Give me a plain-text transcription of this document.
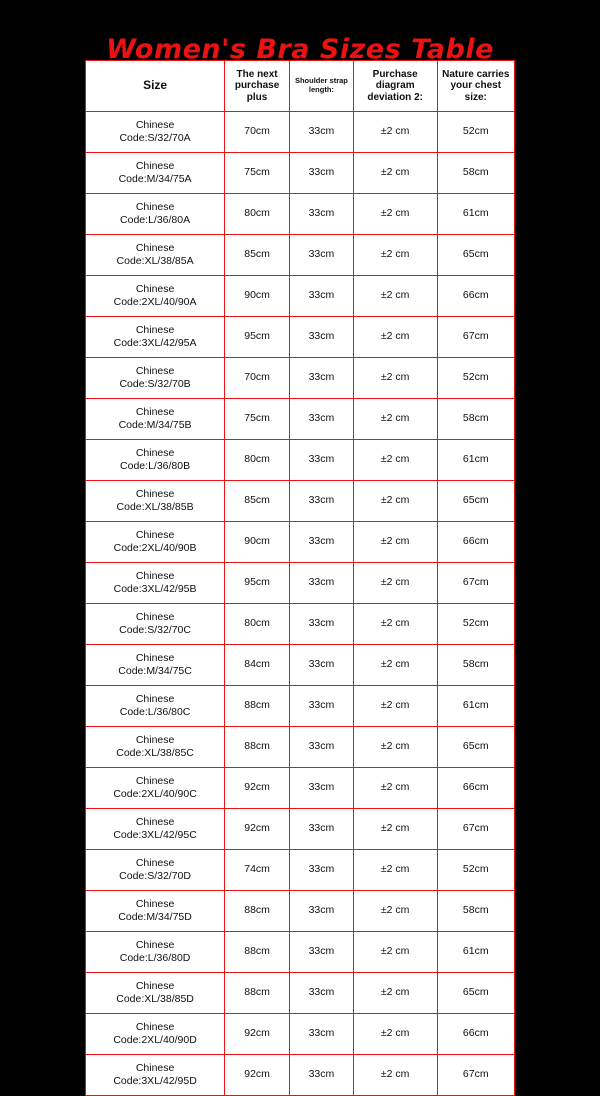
Women's Bra Sizes Table
Size	The next purchase plus	Shoulder strap length:	Purchase diagram deviation 2:	Nature carries your chest size:

Chinese
Code:S/32/70A	70cm	33cm	±2 cm	52cm

Chinese
Code:M/34/75A	75cm	33cm	±2 cm	58cm

Chinese
Code:L/36/80A	80cm	33cm	±2 cm	61cm

Chinese
Code:XL/38/85A	85cm	33cm	±2 cm	65cm

Chinese
Code:2XL/40/90A	90cm	33cm	±2 cm	66cm

Chinese
Code:3XL/42/95A	95cm	33cm	±2 cm	67cm

Chinese
Code:S/32/70B	70cm	33cm	±2 cm	52cm

Chinese
Code:M/34/75B	75cm	33cm	±2 cm	58cm

Chinese
Code:L/36/80B	80cm	33cm	±2 cm	61cm

Chinese
Code:XL/38/85B	85cm	33cm	±2 cm	65cm

Chinese
Code:2XL/40/90B	90cm	33cm	±2 cm	66cm

Chinese
Code:3XL/42/95B	95cm	33cm	±2 cm	67cm

Chinese
Code:S/32/70C	80cm	33cm	±2 cm	52cm

Chinese
Code:M/34/75C	84cm	33cm	±2 cm	58cm

Chinese
Code:L/36/80C	88cm	33cm	±2 cm	61cm

Chinese
Code:XL/38/85C	88cm	33cm	±2 cm	65cm

Chinese
Code:2XL/40/90C	92cm	33cm	±2 cm	66cm

Chinese
Code:3XL/42/95C	92cm	33cm	±2 cm	67cm

Chinese
Code:S/32/70D	74cm	33cm	±2 cm	52cm

Chinese
Code:M/34/75D	88cm	33cm	±2 cm	58cm

Chinese
Code:L/36/80D	88cm	33cm	±2 cm	61cm

Chinese
Code:XL/38/85D	88cm	33cm	±2 cm	65cm

Chinese
Code:2XL/40/90D	92cm	33cm	±2 cm	66cm

Chinese
Code:3XL/42/95D	92cm	33cm	±2 cm	67cm
